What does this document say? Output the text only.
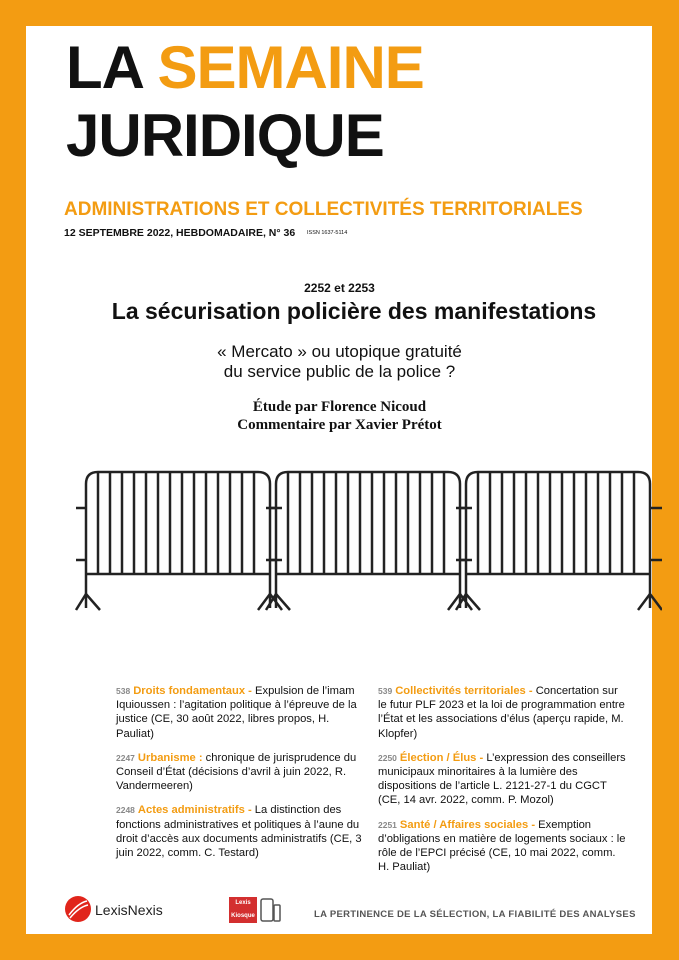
LA SEMAINE
JURIDIQUE
ADMINISTRATIONS ET COLLECTIVITÉS TERRITORIALES
12 SEPTEMBRE 2022, HEBDOMADAIRE, N° 36 ISSN 1637-5114
2252 et 2253
La sécurisation policière des manifestations
« Mercato » ou utopique gratuité
du service public de la police ?
Étude par Florence Nicoud
Commentaire par Xavier Prétot
538 Droits fondamentaux - Expulsion de l’imam Iquioussen : l’agitation politique à l’épreuve de la justice (CE, 30 août 2022, libres propos, H. Pauliat)
2247 Urbanisme : chronique de jurisprudence du Conseil d’État (décisions d’avril à juin 2022, R. Vandermeeren)
2248 Actes administratifs - La distinction des fonctions administratives et politiques à l’aune du droit d’accès aux documents administratifs (CE, 3 juin 2022, comm. C. Testard)
539 Collectivités territoriales - Concertation sur le futur PLF 2023 et la loi de programmation entre l’État et les associations d’élus (aperçu rapide, M. Klopfer)
2250 Élection / Élus - L’expression des conseillers municipaux minoritaires à la lumière des dispositions de l’article L. 2121-27-1 du CGCT (CE, 14 avr. 2022, comm. P. Mozol)
2251 Santé / Affaires sociales - Exemption d’obligations en matière de logements sociaux : le rôle de l’EPCI précisé (CE, 10 mai 2022, comm. H. Pauliat)
LexisNexis	Lexis
Kiosque	LA PERTINENCE DE LA SÉLECTION, LA FIABILITÉ DES ANALYSES
